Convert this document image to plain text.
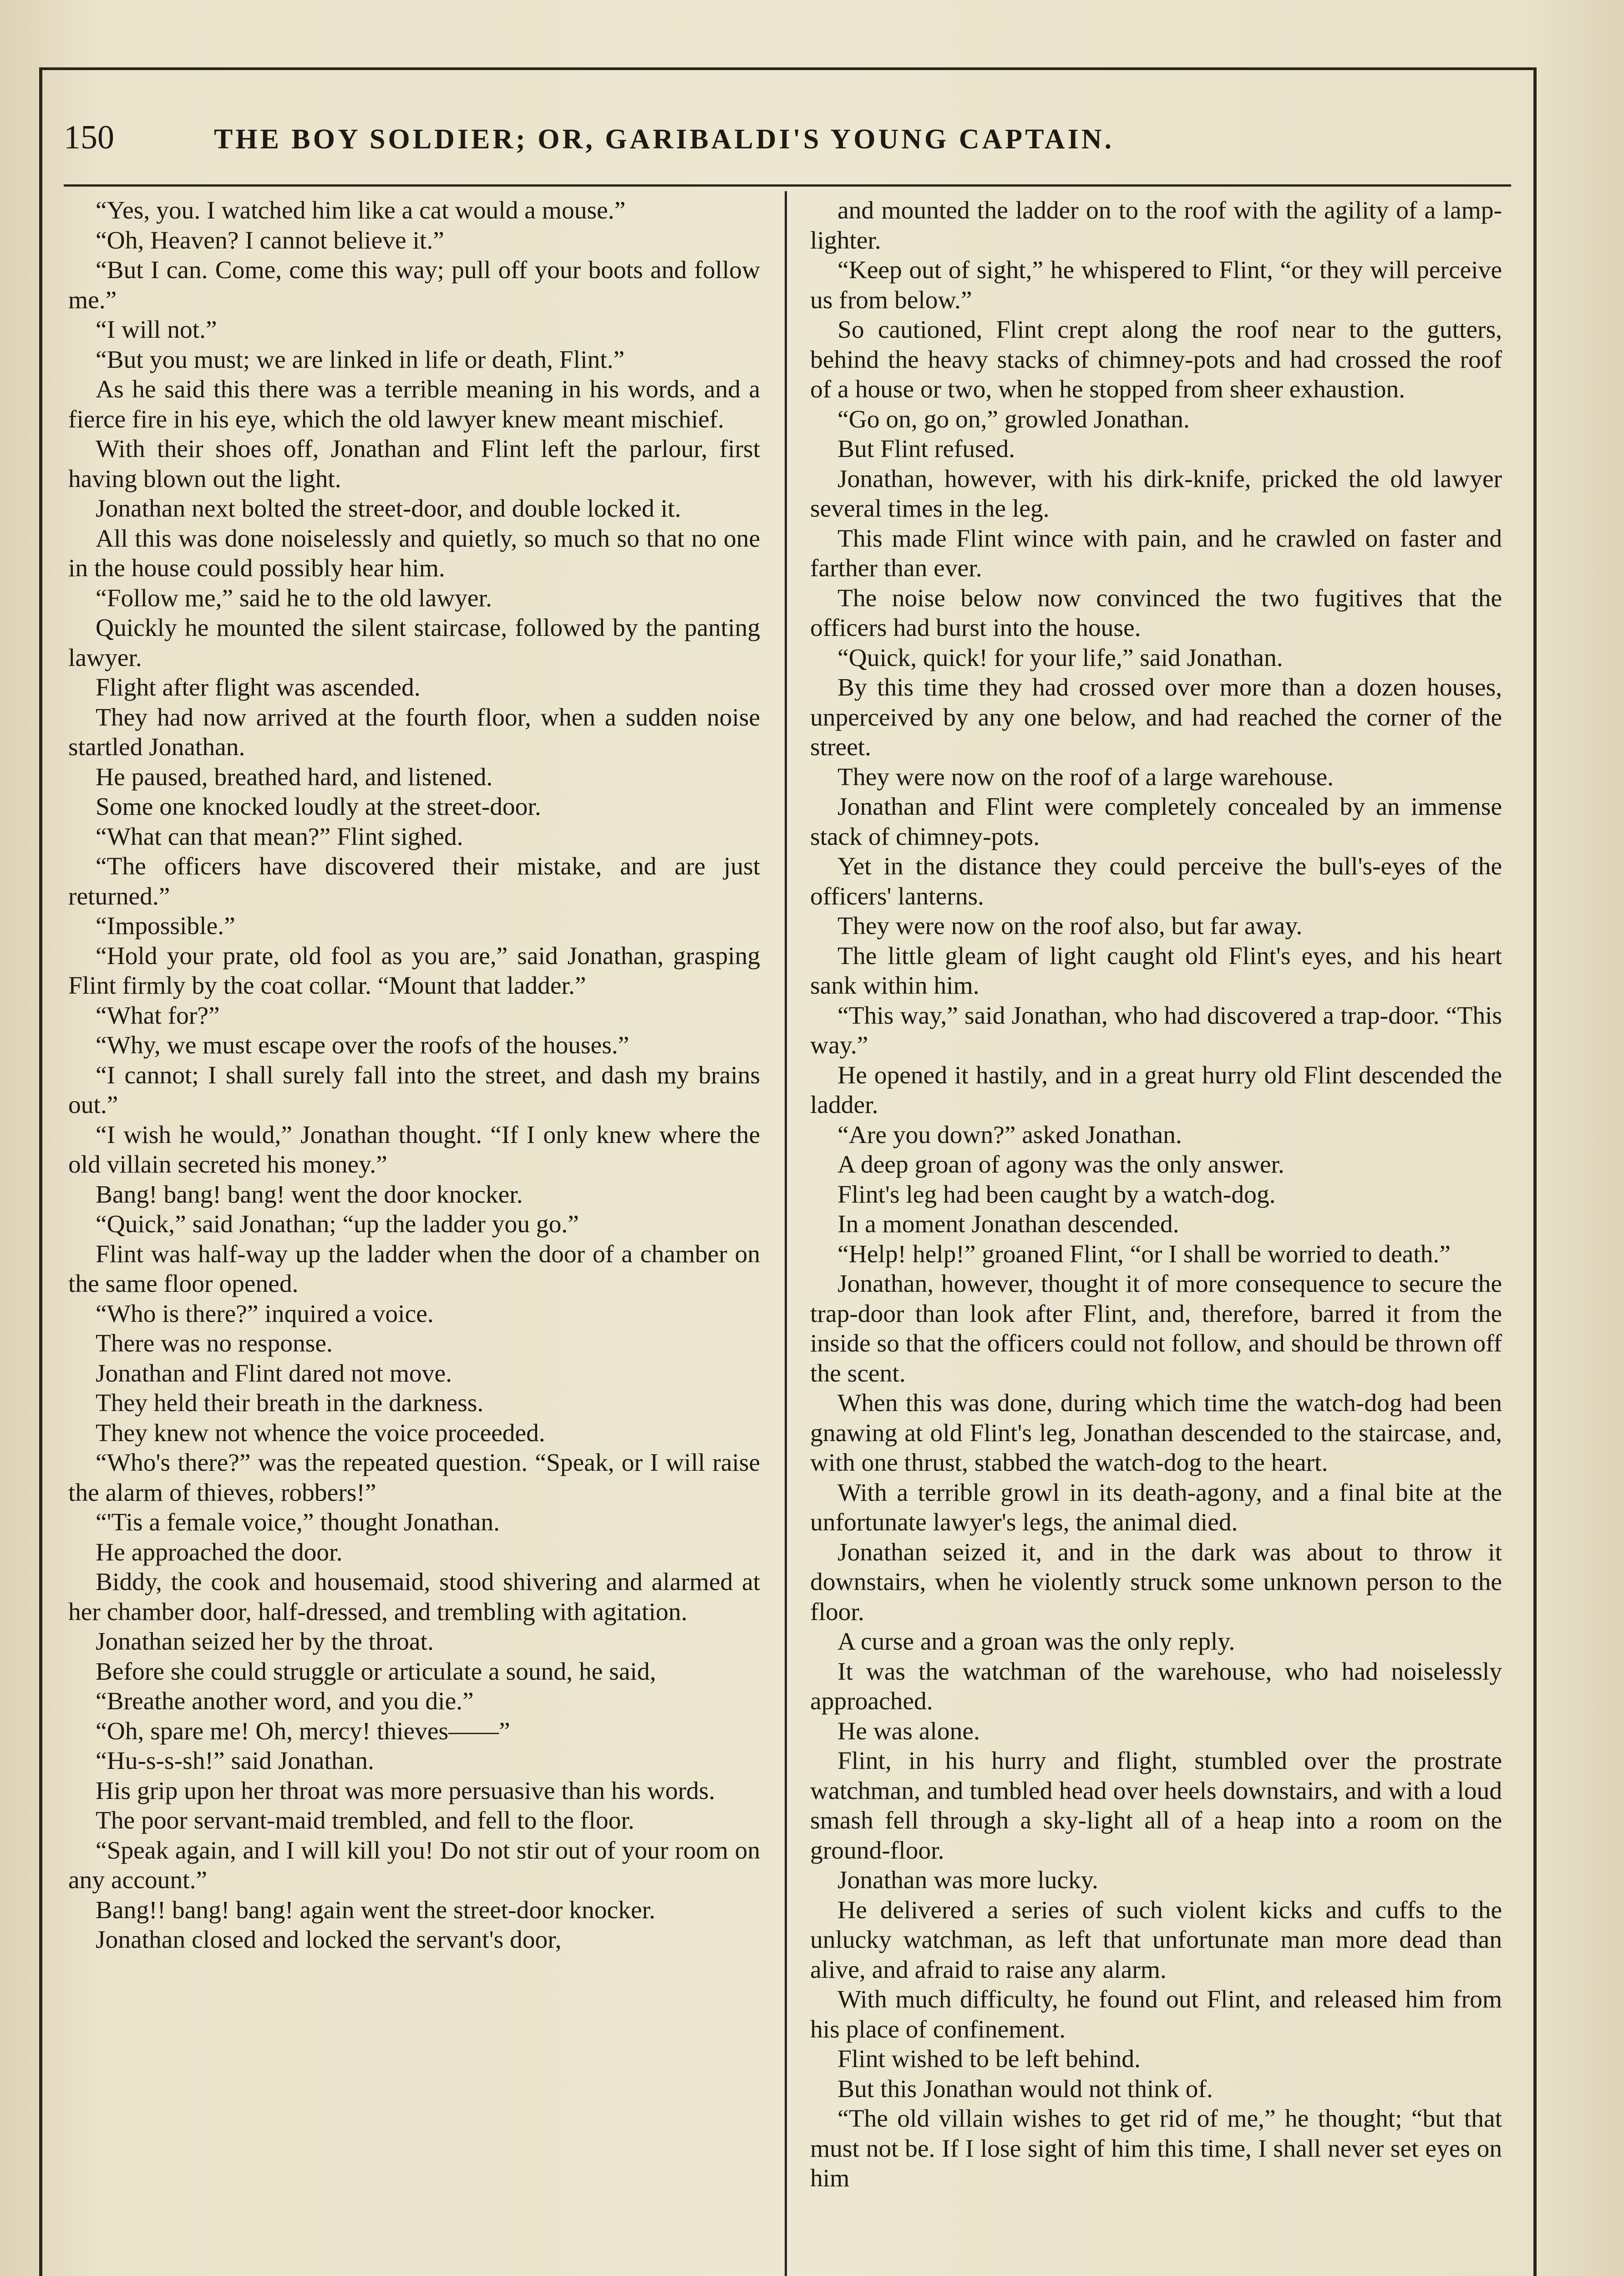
150	THE BOY SOLDIER; OR, GARIBALDI'S YOUNG CAPTAIN.

“Yes, you. I watched him like a cat would a mouse.”

“Oh, Heaven? I cannot believe it.”

“But I can. Come, come this way; pull off your boots and follow me.”

“I will not.”

“But you must; we are linked in life or death, Flint.”

As he said this there was a terrible meaning in his words, and a fierce fire in his eye, which the old lawyer knew meant mischief.

With their shoes off, Jonathan and Flint left the parlour, first having blown out the light.

Jonathan next bolted the street-door, and double locked it.

All this was done noiselessly and quietly, so much so that no one in the house could possibly hear him.

“Follow me,” said he to the old lawyer.

Quickly he mounted the silent staircase, followed by the panting lawyer.

Flight after flight was ascended.

They had now arrived at the fourth floor, when a sudden noise startled Jonathan.

He paused, breathed hard, and listened.

Some one knocked loudly at the street-door.

“What can that mean?” Flint sighed.

“The officers have discovered their mistake, and are just returned.”

“Impossible.”

“Hold your prate, old fool as you are,” said Jonathan, grasping Flint firmly by the coat collar. “Mount that ladder.”

“What for?”

“Why, we must escape over the roofs of the houses.”

“I cannot; I shall surely fall into the street, and dash my brains out.”

“I wish he would,” Jonathan thought. “If I only knew where the old villain secreted his money.”

Bang! bang! bang! went the door knocker.

“Quick,” said Jonathan; “up the ladder you go.”

Flint was half-way up the ladder when the door of a chamber on the same floor opened.

“Who is there?” inquired a voice.

There was no response.

Jonathan and Flint dared not move.

They held their breath in the darkness.

They knew not whence the voice proceeded.

“Who's there?” was the repeated question. “Speak, or I will raise the alarm of thieves, robbers!”

“'Tis a female voice,” thought Jonathan.

He approached the door.

Biddy, the cook and housemaid, stood shivering and alarmed at her chamber door, half-dressed, and trembling with agitation.

Jonathan seized her by the throat.

Before she could struggle or articulate a sound, he said,

“Breathe another word, and you die.”

“Oh, spare me! Oh, mercy! thieves——”

“Hu-s-s-sh!” said Jonathan.

His grip upon her throat was more persuasive than his words.

The poor servant-maid trembled, and fell to the floor.

“Speak again, and I will kill you! Do not stir out of your room on any account.”

Bang!! bang! bang! again went the street-door knocker.

Jonathan closed and locked the servant's door,

and mounted the ladder on to the roof with the agility of a lamp-lighter.

“Keep out of sight,” he whispered to Flint, “or they will perceive us from below.”

So cautioned, Flint crept along the roof near to the gutters, behind the heavy stacks of chimney-pots and had crossed the roof of a house or two, when he stopped from sheer exhaustion.

“Go on, go on,” growled Jonathan.

But Flint refused.

Jonathan, however, with his dirk-knife, pricked the old lawyer several times in the leg.

This made Flint wince with pain, and he crawled on faster and farther than ever.

The noise below now convinced the two fugitives that the officers had burst into the house.

“Quick, quick! for your life,” said Jonathan.

By this time they had crossed over more than a dozen houses, unperceived by any one below, and had reached the corner of the street.

They were now on the roof of a large warehouse.

Jonathan and Flint were completely concealed by an immense stack of chimney-pots.

Yet in the distance they could perceive the bull's-eyes of the officers' lanterns.

They were now on the roof also, but far away.

The little gleam of light caught old Flint's eyes, and his heart sank within him.

“This way,” said Jonathan, who had discovered a trap-door. “This way.”

He opened it hastily, and in a great hurry old Flint descended the ladder.

“Are you down?” asked Jonathan.

A deep groan of agony was the only answer.

Flint's leg had been caught by a watch-dog.

In a moment Jonathan descended.

“Help! help!” groaned Flint, “or I shall be worried to death.”

Jonathan, however, thought it of more consequence to secure the trap-door than look after Flint, and, therefore, barred it from the inside so that the officers could not follow, and should be thrown off the scent.

When this was done, during which time the watch-dog had been gnawing at old Flint's leg, Jonathan descended to the staircase, and, with one thrust, stabbed the watch-dog to the heart.

With a terrible growl in its death-agony, and a final bite at the unfortunate lawyer's legs, the animal died.

Jonathan seized it, and in the dark was about to throw it downstairs, when he violently struck some unknown person to the floor.

A curse and a groan was the only reply.

It was the watchman of the warehouse, who had noiselessly approached.

He was alone.

Flint, in his hurry and flight, stumbled over the prostrate watchman, and tumbled head over heels downstairs, and with a loud smash fell through a sky-light all of a heap into a room on the ground-floor.

Jonathan was more lucky.

He delivered a series of such violent kicks and cuffs to the unlucky watchman, as left that unfortunate man more dead than alive, and afraid to raise any alarm.

With much difficulty, he found out Flint, and released him from his place of confinement.

Flint wished to be left behind.

But this Jonathan would not think of.

“The old villain wishes to get rid of me,” he thought; “but that must not be. If I lose sight of him this time, I shall never set eyes on him
